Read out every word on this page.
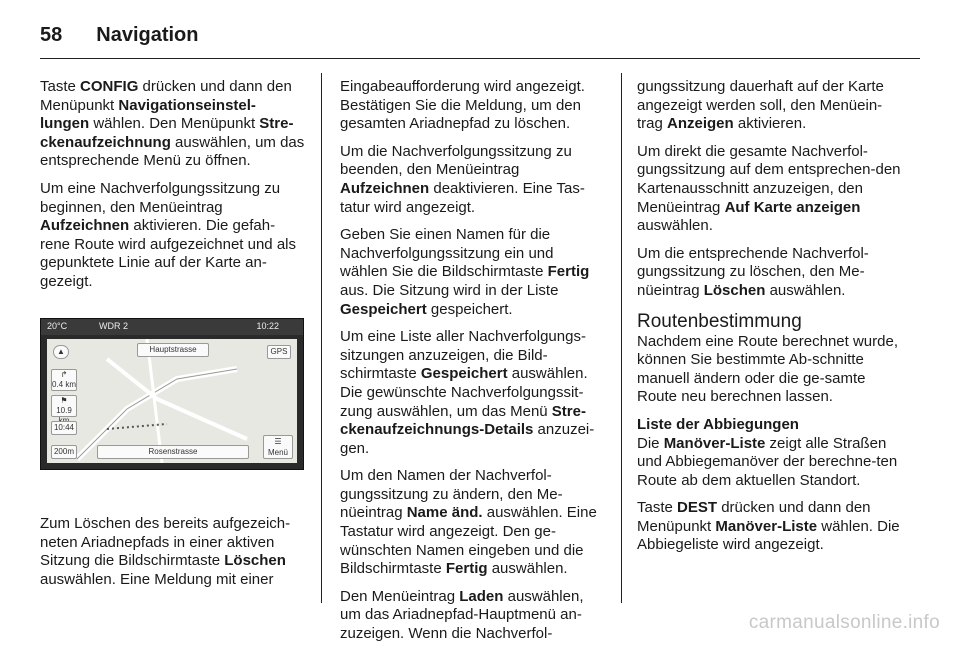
58 Navigation

Taste CONFIG drücken und dann den Menüpunkt Navigationseinstel-lungen wählen. Den Menüpunkt Stre-ckenaufzeichnung auswählen, um das entsprechende Menü zu öffnen.

Um eine Nachverfolgungssitzung zu beginnen, den Menüeintrag Aufzeichnen aktivieren. Die gefah-rene Route wird aufgezeichnet und als gepunktete Linie auf der Karte an-gezeigt.

20°C	WDR 2	10:22
▲	Hauptstrasse	GPS
↱
0.4 km
⚑
10.9
10:44
200m	Rosenstrasse
☰
Menü

Zum Löschen des bereits aufgezeich-neten Ariadnepfads in einer aktiven Sitzung die Bildschirmtaste Löschen auswählen. Eine Meldung mit einer

Eingabeaufforderung wird angezeigt. Bestätigen Sie die Meldung, um den gesamten Ariadnepfad zu löschen.

Um die Nachverfolgungssitzung zu beenden, den Menüeintrag Aufzeichnen deaktivieren. Eine Tas-tatur wird angezeigt.

Geben Sie einen Namen für die Nachverfolgungssitzung ein und wählen Sie die Bildschirmtaste Fertig aus. Die Sitzung wird in der Liste Gespeichert gespeichert.

Um eine Liste aller Nachverfolgungs-sitzungen anzuzeigen, die Bild-schirmtaste Gespeichert auswählen. Die gewünschte Nachverfolgungssit-zung auswählen, um das Menü Stre-ckenaufzeichnungs-Details anzuzei-gen.

Um den Namen der Nachverfol-gungssitzung zu ändern, den Me-nüeintrag Name änd. auswählen. Eine Tastatur wird angezeigt. Den ge-wünschten Namen eingeben und die Bildschirmtaste Fertig auswählen.

Den Menüeintrag Laden auswählen, um das Ariadnepfad-Hauptmenü an-zuzeigen. Wenn die Nachverfol-

gungssitzung dauerhaft auf der Karte angezeigt werden soll, den Menüein-trag Anzeigen aktivieren.

Um direkt die gesamte Nachverfol-gungssitzung auf dem entsprechen-den Kartenausschnitt anzuzeigen, den Menüeintrag Auf Karte anzeigen auswählen.

Um die entsprechende Nachverfol-gungssitzung zu löschen, den Me-nüeintrag Löschen auswählen.

Routenbestimmung

Nachdem eine Route berechnet wurde, können Sie bestimmte Ab-schnitte manuell ändern oder die ge-samte Route neu berechnen lassen.

Liste der Abbiegungen

Die Manöver-Liste zeigt alle Straßen und Abbiegemanöver der berechne-ten Route ab dem aktuellen Standort.

Taste DEST drücken und dann den Menüpunkt Manöver-Liste wählen. Die Abbiegeliste wird angezeigt.

carmanualsonline.info
